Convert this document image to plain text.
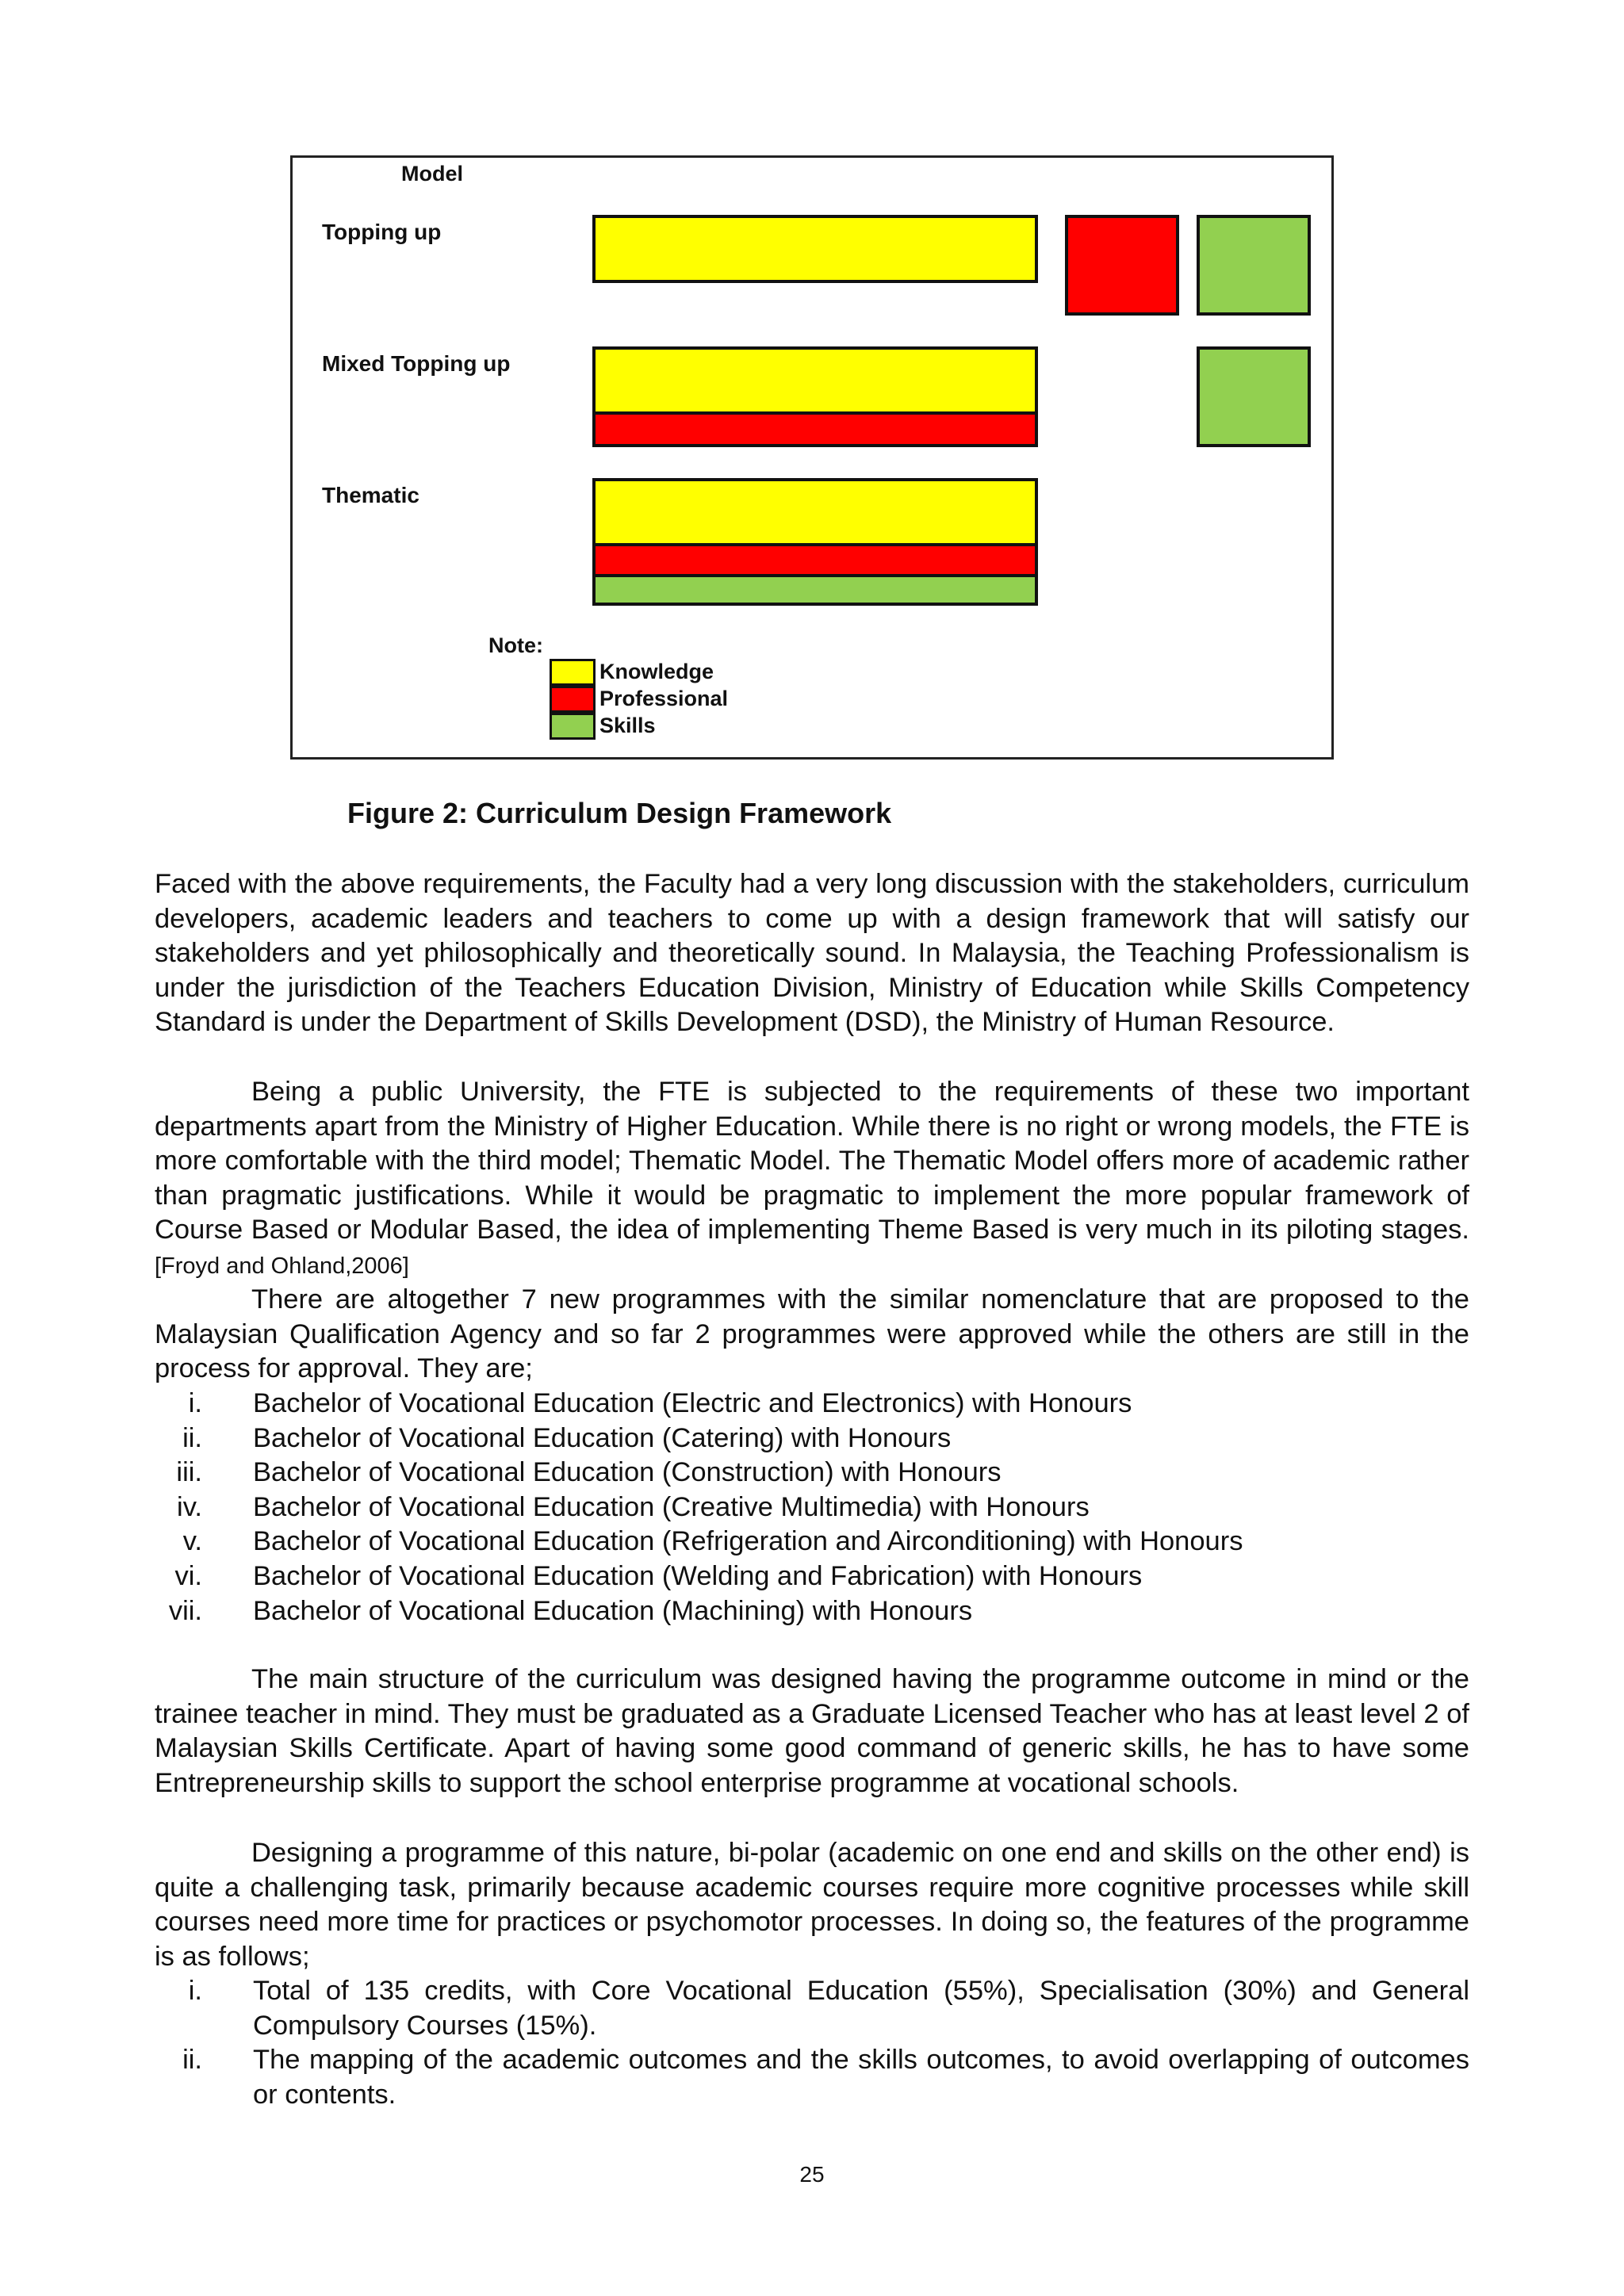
Model
Topping up
Mixed Topping up
Thematic
Note:
Knowledge
Professional
Skills
Figure 2: Curriculum Design Framework

Faced with the above requirements, the Faculty had a very long discussion with the stakeholders, curriculum developers, academic leaders and teachers to come up with a design framework that will satisfy our stakeholders and yet philosophically and theoretically sound. In Malaysia, the Teaching Professionalism is under the jurisdiction of the Teachers Education Division, Ministry of Education while Skills Competency Standard is under the Department of Skills Development (DSD), the Ministry of Human Resource.

Being a public University, the FTE is subjected to the requirements of these two important departments apart from the Ministry of Higher Education. While there is no right or wrong models, the FTE is more comfortable with the third model; Thematic Model. The Thematic Model offers more of academic rather than pragmatic justifications. While it would be pragmatic to implement the more popular framework of Course Based or Modular Based, the idea of implementing Theme Based is very much in its piloting stages.[Froyd and Ohland,2006]

There are altogether 7 new programmes with the similar nomenclature that are proposed to the Malaysian Qualification Agency and so far 2 programmes were approved while the others are still in the process for approval. They are;

i. Bachelor of Vocational Education (Electric and Electronics) with Honours
ii. Bachelor of Vocational Education (Catering) with Honours
iii. Bachelor of Vocational Education (Construction) with Honours
iv. Bachelor of Vocational Education (Creative Multimedia) with Honours
v. Bachelor of Vocational Education (Refrigeration and Airconditioning) with Honours
vi. Bachelor of Vocational Education (Welding and Fabrication) with Honours
vii. Bachelor of Vocational Education (Machining) with Honours

The main structure of the curriculum was designed having the programme outcome in mind or the trainee teacher in mind. They must be graduated as a Graduate Licensed Teacher who has at least level 2 of Malaysian Skills Certificate. Apart of having some good command of generic skills, he has to have some Entrepreneurship skills to support the school enterprise programme at vocational schools.

Designing a programme of this nature, bi-polar (academic on one end and skills on the other end) is quite a challenging task, primarily because academic courses require more cognitive processes while skill courses need more time for practices or psychomotor processes. In doing so, the features of the programme is as follows;

i. Total of 135 credits, with Core Vocational Education (55%), Specialisation (30%) and General Compulsory Courses (15%).
ii. The mapping of the academic outcomes and the skills outcomes, to avoid overlapping of outcomes or contents.
25
